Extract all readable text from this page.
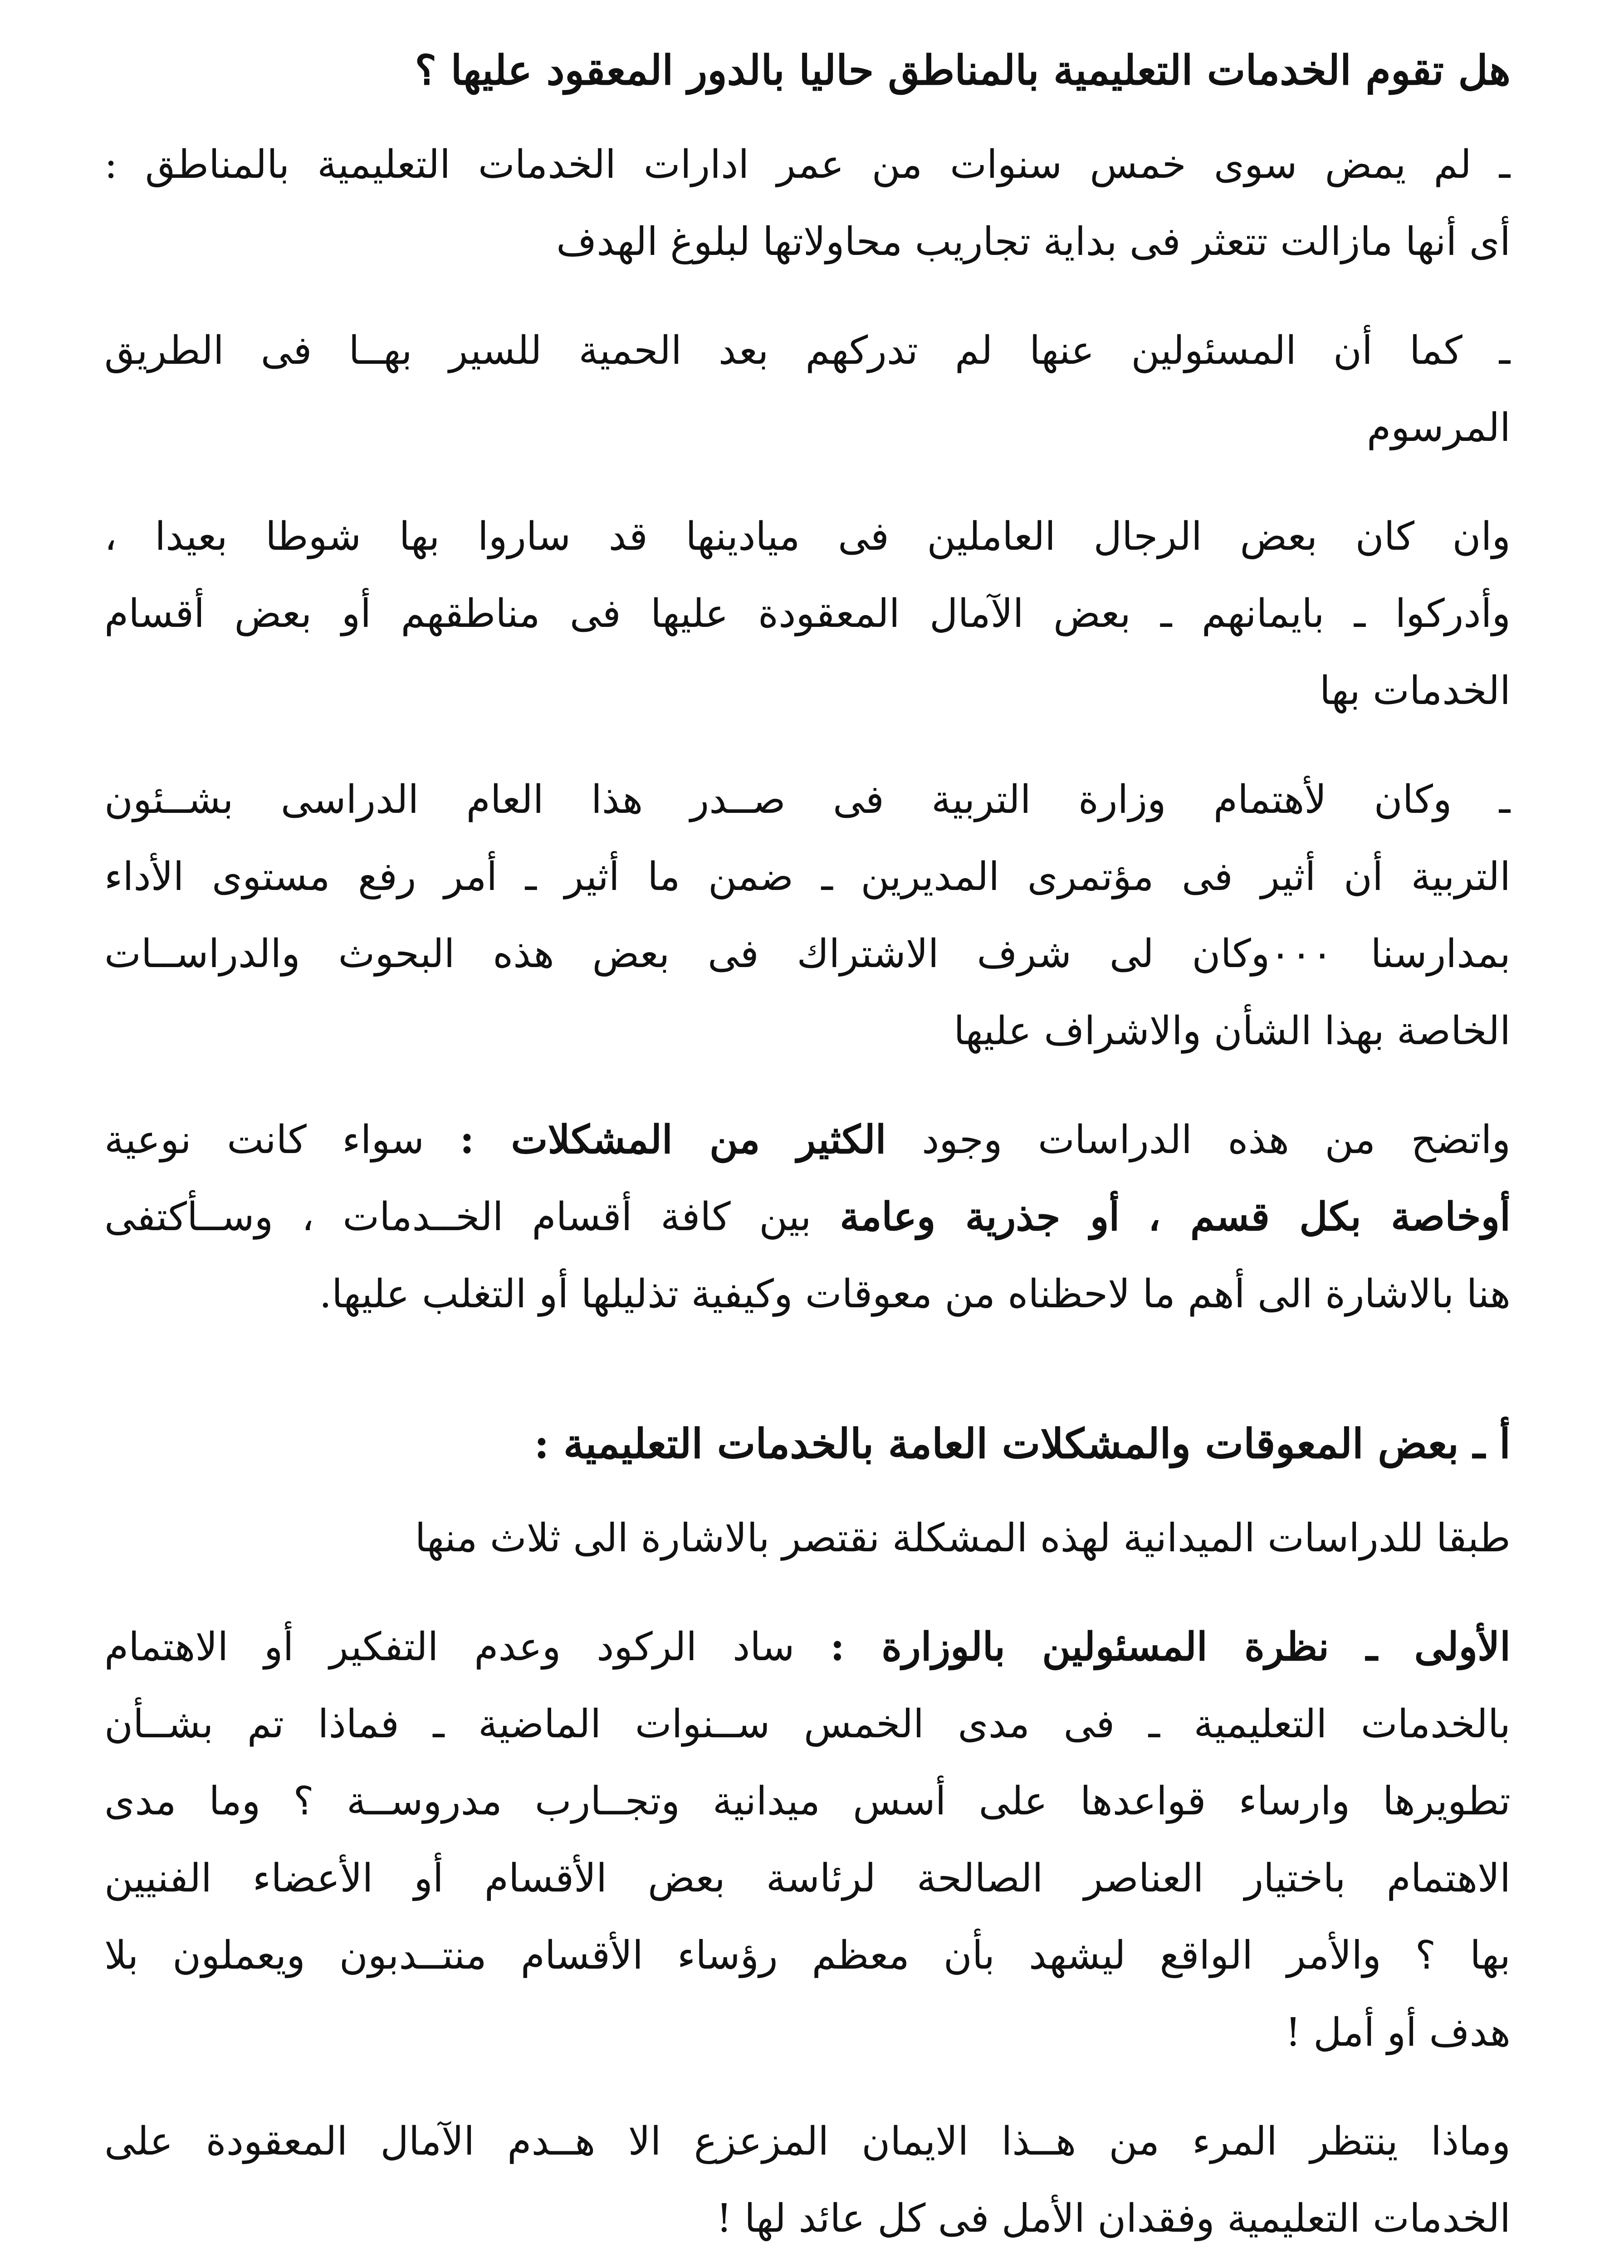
هل تقوم الخدمات التعليمية بالمناطق حاليا بالدور المعقود عليها ؟
ـ لم يمض سوى خمس سنوات من عمر ادارات الخدمات التعليمية بالمناطق :
أى أنها مازالت تتعثر فى بداية تجاريب محاولاتها لبلوغ الهدف
ـ كما أن المسئولين عنها لم تدركهم بعد الحمية للسير بهــا فى الطريق
المرسوم
وان كان بعض الرجال العاملين فى ميادينها قد ساروا بها شوطا بعيدا ،
وأدركوا ـ بايمانهم ـ بعض الآمال المعقودة عليها فى مناطقهم أو بعض أقسام
الخدمات بها
ـ وكان لأهتمام وزارة التربية فى صــدر هذا العام الدراسى بشــئون
التربية أن أثير فى مؤتمرى المديرين ـ ضمن ما أثير ـ أمر رفع مستوى الأداء
بمدارسنا ٠٠٠وكان لى شرف الاشتراك فى بعض هذه البحوث والدراســات
الخاصة بهذا الشأن والاشراف عليها
واتضح من هذه الدراسات وجود الكثير من المشكلات : سواء كانت نوعية
أوخاصة بكل قسم ، أو جذرية وعامة بين كافة أقسام الخــدمات ، وســأكتفى
هنا بالاشارة الى أهم ما لاحظناه من معوقات وكيفية تذليلها أو التغلب عليها.
أ ـ بعض المعوقات والمشكلات العامة بالخدمات التعليمية :
طبقا للدراسات الميدانية لهذه المشكلة نقتصر بالاشارة الى ثلاث منها
الأولى ـ نظرة المسئولين بالوزارة : ساد الركود وعدم التفكير أو الاهتمام
بالخدمات التعليمية ـ فى مدى الخمس ســنوات الماضية ـ فماذا تم بشــأن
تطويرها وارساء قواعدها على أسس ميدانية وتجــارب مدروســة ؟ وما مدى
الاهتمام باختيار العناصر الصالحة لرئاسة بعض الأقسام أو الأعضاء الفنيين
بها ؟ والأمر الواقع ليشهد بأن معظم رؤساء الأقسام منتــدبون ويعملون بلا
هدف أو أمل !
وماذا ينتظر المرء من هــذا الايمان المزعزع الا هــدم الآمال المعقودة على
الخدمات التعليمية وفقدان الأمل فى كل عائد لها !
